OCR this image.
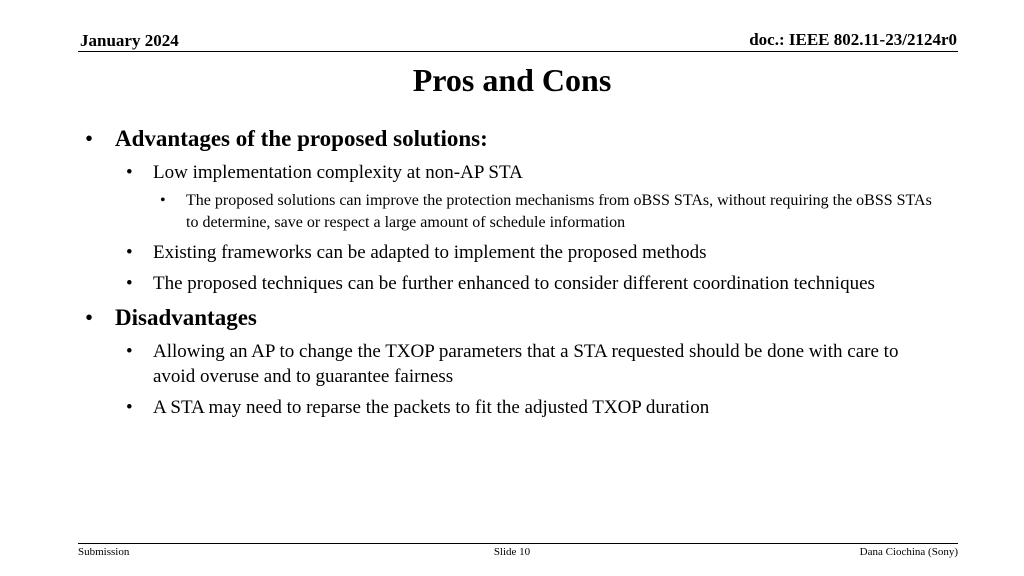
January 2024	doc.: IEEE 802.11-23/2124r0
Pros and Cons
• Advantages of the proposed solutions:
• Low implementation complexity at non-AP STA
• The proposed solutions can improve the protection mechanisms from oBSS STAs, without requiring the oBSS STAs to determine, save or respect a large amount of schedule information
• Existing frameworks can be adapted to implement the proposed methods
• The proposed techniques can be further enhanced to consider different coordination techniques
• Disadvantages
• Allowing an AP to change the TXOP parameters that a STA requested should be done with care to avoid overuse and to guarantee fairness
• A STA may need to reparse the packets to fit the adjusted TXOP duration
Submission	Slide 10	Dana Ciochina (Sony)
